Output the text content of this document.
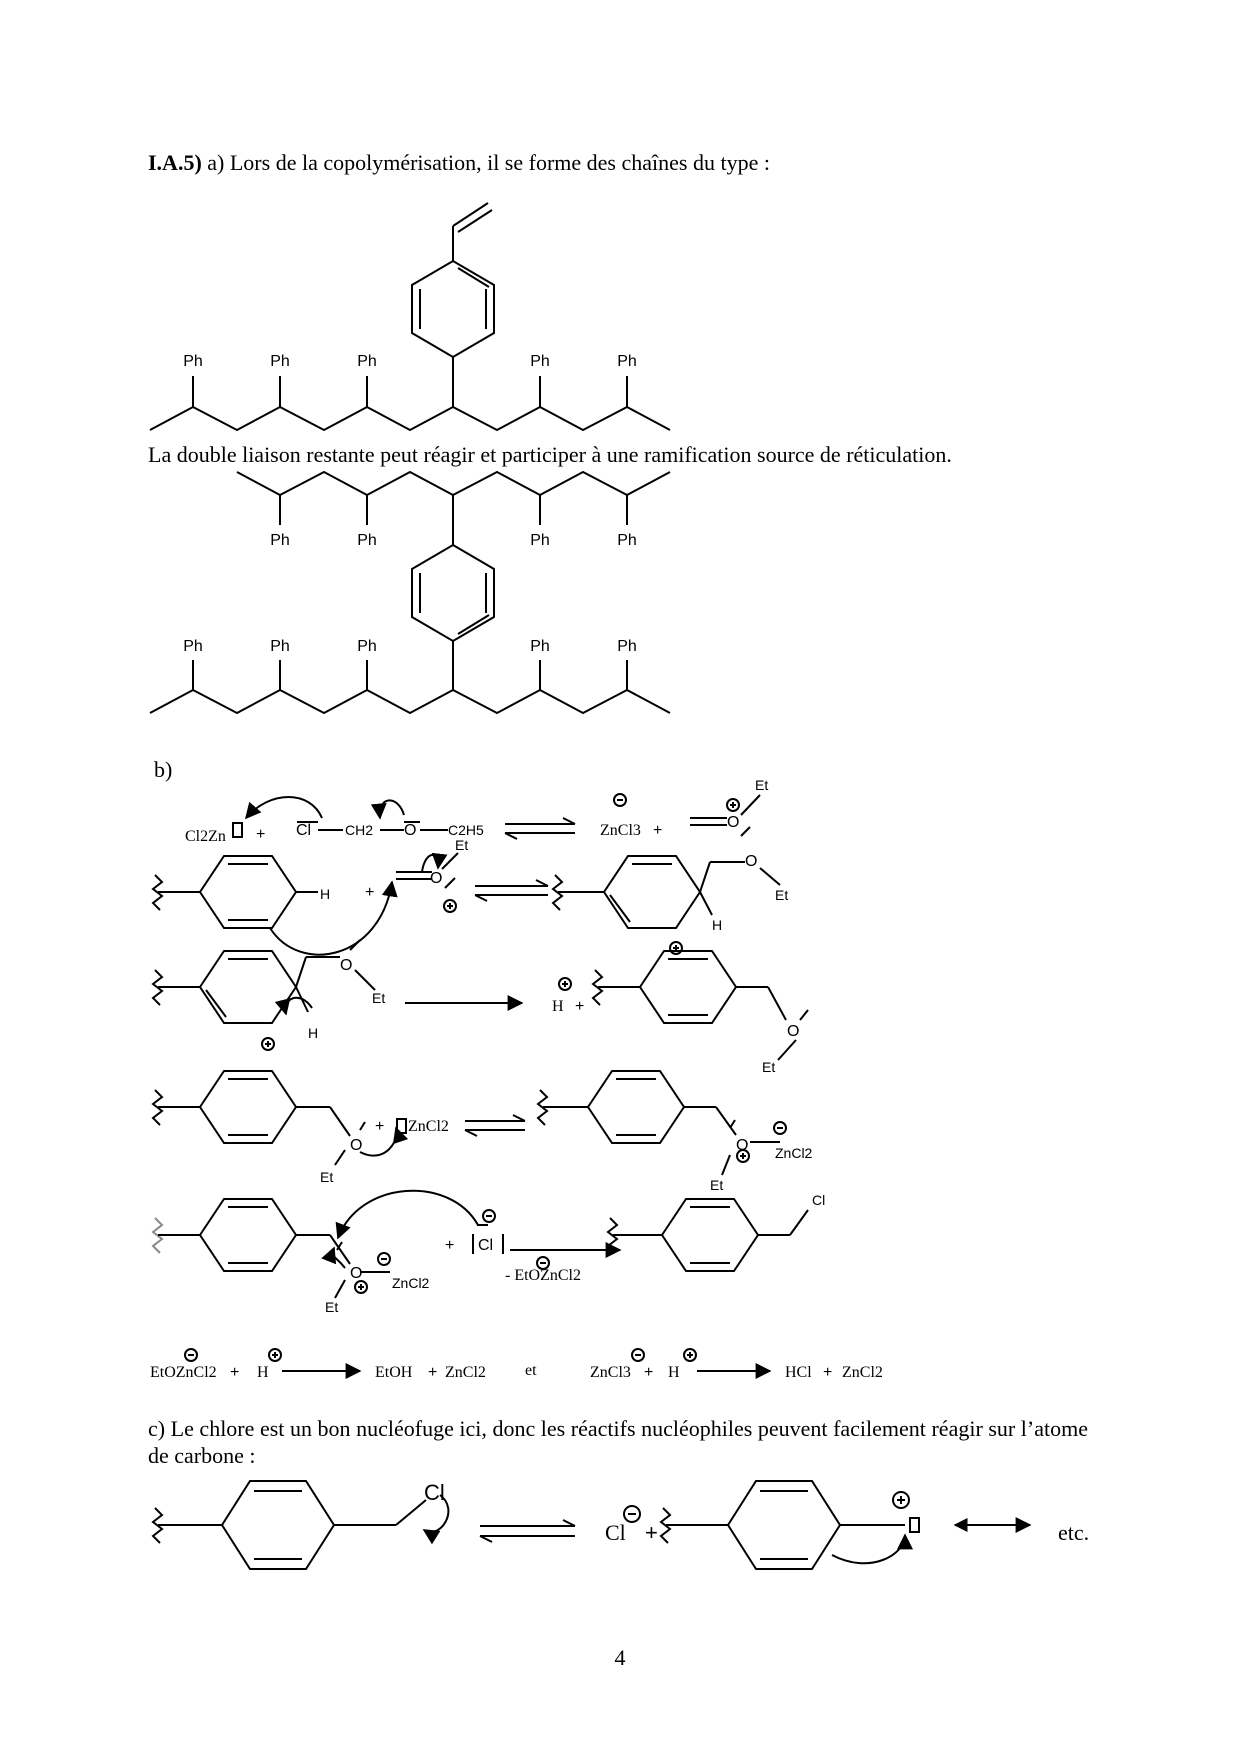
I.A.5) a) Lors de la copolymérisation, il se forme des chaînes du type :
La double liaison restante peut réagir et participer à une ramification source de réticulation.
b)
c) Le chlore est un bon nucléofuge ici, donc les réactifs nucléophiles peuvent facilement réagir sur l’atome de carbone :
4
Ph	Ph	Ph	Ph	Ph
Ph	Ph	Ph	Ph
Ph	Ph	Ph	Ph	Ph
Cl2Zn + Cl CH2 O C2H5	ZnCl3 +	O
Et
H +
O
Et
O
Et
H
O
Et
H
H +
O
Et
O
Et
+ ZnCl2
O
Et
ZnCl2
O
Et
ZnCl2
+ Cl
- EtOZnCl2
Cl
EtOZnCl2 + H	EtOH + ZnCl2 et	ZnCl3 + H	HCl + ZnCl2
Cl
Cl +	etc.
